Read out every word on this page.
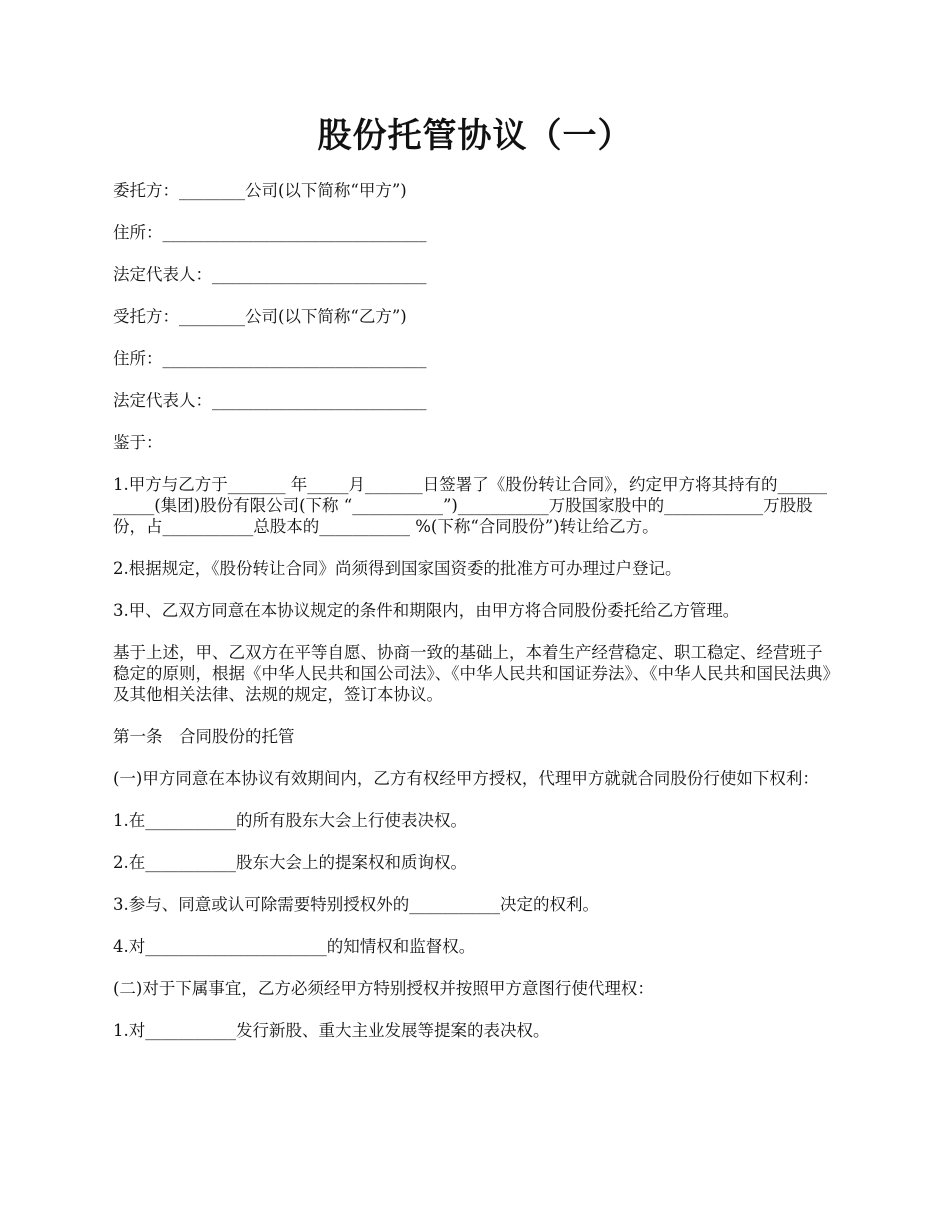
股份托管协议（一）

委托方：________公司(以下简称“甲方”)

住所：________________________________

法定代表人：__________________________

受托方：________公司(以下简称“乙方”)

住所：________________________________

法定代表人：__________________________

鉴于：

1.甲方与乙方于_______ 年_____月_______日签署了《股份转让合同》，约定甲方将其持有的___________(集团)股份有限公司(下称 “___________”)___________万股国家股中的____________万股股份，占___________总股本的___________ %(下称“合同股份”)转让给乙方。

2.根据规定，《股份转让合同》尚须得到国家国资委的批准方可办理过户登记。

3.甲、乙双方同意在本协议规定的条件和期限内，由甲方将合同股份委托给乙方管理。

基于上述，甲、乙双方在平等自愿、协商一致的基础上，本着生产经营稳定、职工稳定、经营班子稳定的原则，根据《中华人民共和国公司法》、《中华人民共和国证券法》、《中华人民共和国民法典》及其他相关法律、法规的规定，签订本协议。

第一条　合同股份的托管

(一)甲方同意在本协议有效期间内，乙方有权经甲方授权，代理甲方就就合同股份行使如下权利：

1.在___________的所有股东大会上行使表决权。

2.在___________股东大会上的提案权和质询权。

3.参与、同意或认可除需要特别授权外的___________决定的权利。

4.对______________________的知情权和监督权。

(二)对于下属事宜，乙方必须经甲方特别授权并按照甲方意图行使代理权：

1.对___________发行新股、重大主业发展等提案的表决权。
